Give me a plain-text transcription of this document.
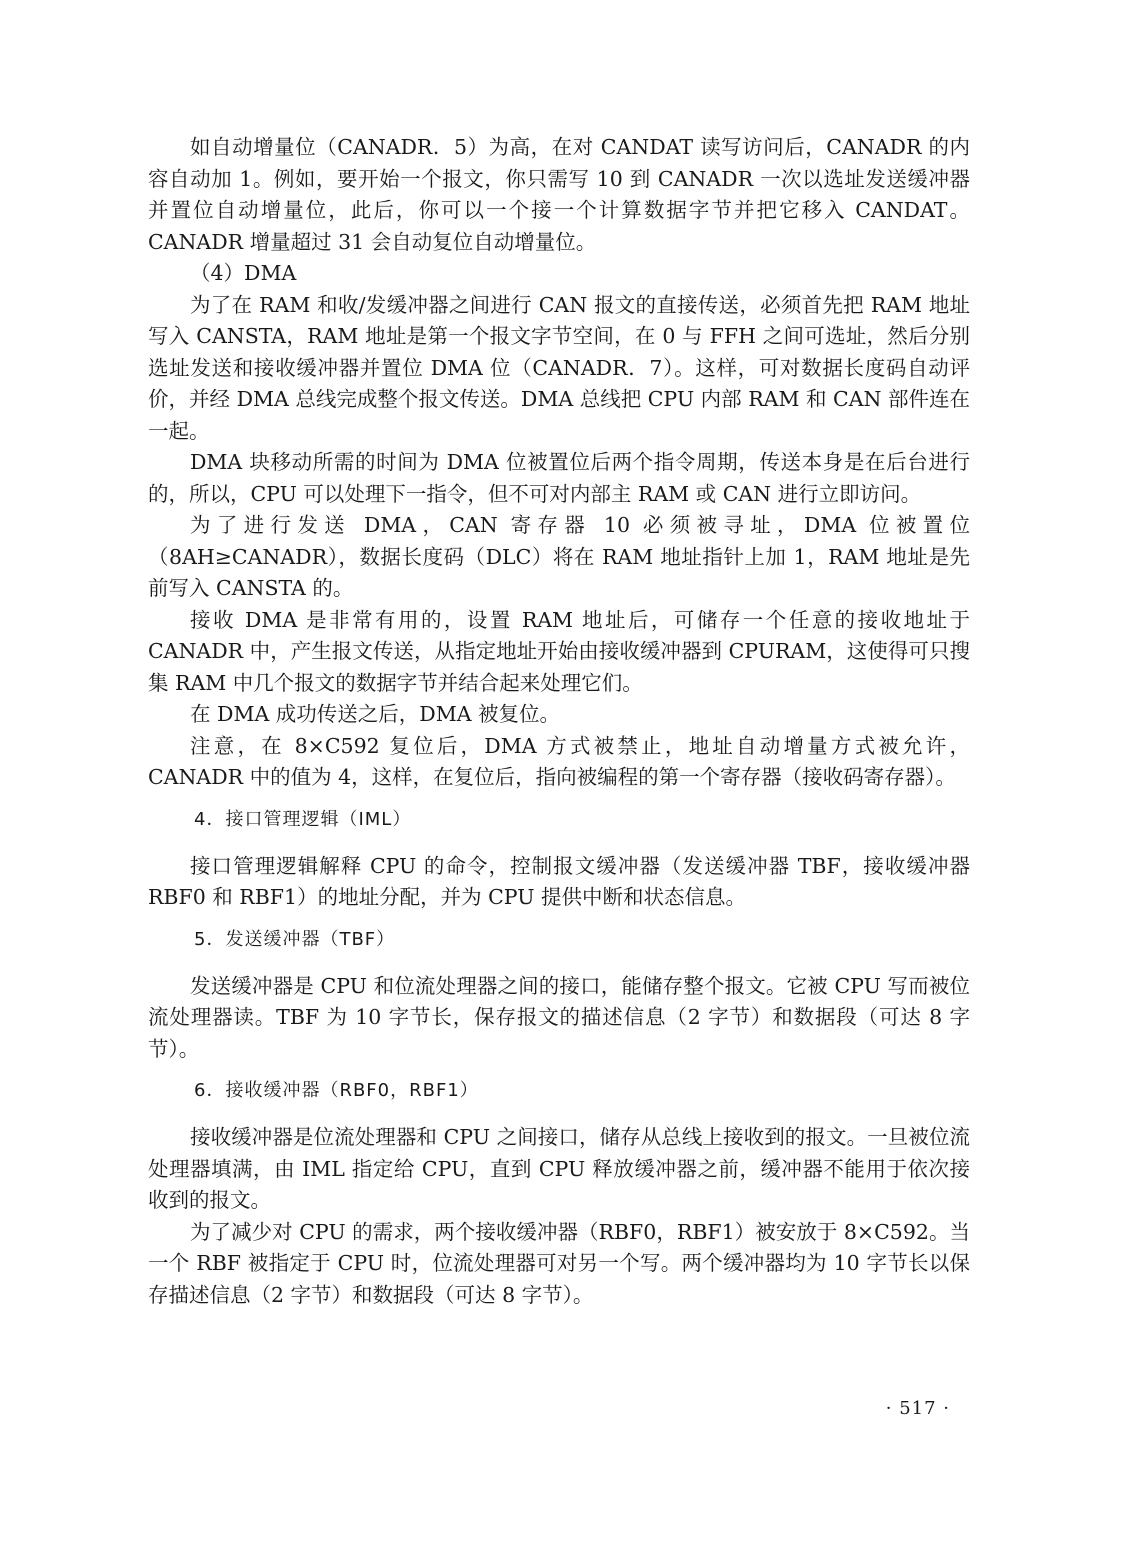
如自动增量位（CANADR．5）为高，在对 CANDAT 读写访问后，CANADR 的内容自动加 1。例如，要开始一个报文，你只需写 10 到 CANADR 一次以选址发送缓冲器并置位自动增量位，此后，你可以一个接一个计算数据字节并把它移入 CANDAT。CANADR 增量超过 31 会自动复位自动增量位。

（4）DMA

为了在 RAM 和收/发缓冲器之间进行 CAN 报文的直接传送，必须首先把 RAM 地址写入 CANSTA，RAM 地址是第一个报文字节空间，在 0 与 FFH 之间可选址，然后分别选址发送和接收缓冲器并置位 DMA 位（CANADR．7）。这样，可对数据长度码自动评价，并经 DMA 总线完成整个报文传送。DMA 总线把 CPU 内部 RAM 和 CAN 部件连在一起。

DMA 块移动所需的时间为 DMA 位被置位后两个指令周期，传送本身是在后台进行的，所以，CPU 可以处理下一指令，但不可对内部主 RAM 或 CAN 进行立即访问。

为了进行发送 DMA，CAN 寄存器 10 必须被寻址，DMA 位被置位（8AH≥CANADR），数据长度码（DLC）将在 RAM 地址指针上加 1，RAM 地址是先前写入 CANSTA 的。

接收 DMA 是非常有用的，设置 RAM 地址后，可储存一个任意的接收地址于 CANADR 中，产生报文传送，从指定地址开始由接收缓冲器到 CPURAM，这使得可只搜集 RAM 中几个报文的数据字节并结合起来处理它们。

在 DMA 成功传送之后，DMA 被复位。

注意，在 8×C592 复位后，DMA 方式被禁止，地址自动增量方式被允许，CANADR 中的值为 4，这样，在复位后，指向被编程的第一个寄存器（接收码寄存器）。

4．接口管理逻辑（IML）

接口管理逻辑解释 CPU 的命令，控制报文缓冲器（发送缓冲器 TBF，接收缓冲器 RBF0 和 RBF1）的地址分配，并为 CPU 提供中断和状态信息。

5．发送缓冲器（TBF）

发送缓冲器是 CPU 和位流处理器之间的接口，能储存整个报文。它被 CPU 写而被位流处理器读。TBF 为 10 字节长，保存报文的描述信息（2 字节）和数据段（可达 8 字节）。

6．接收缓冲器（RBF0，RBF1）

接收缓冲器是位流处理器和 CPU 之间接口，储存从总线上接收到的报文。一旦被位流处理器填满，由 IML 指定给 CPU，直到 CPU 释放缓冲器之前，缓冲器不能用于依次接收到的报文。

为了减少对 CPU 的需求，两个接收缓冲器（RBF0，RBF1）被安放于 8×C592。当一个 RBF 被指定于 CPU 时，位流处理器可对另一个写。两个缓冲器均为 10 字节长以保存描述信息（2 字节）和数据段（可达 8 字节）。

· 517 ·
